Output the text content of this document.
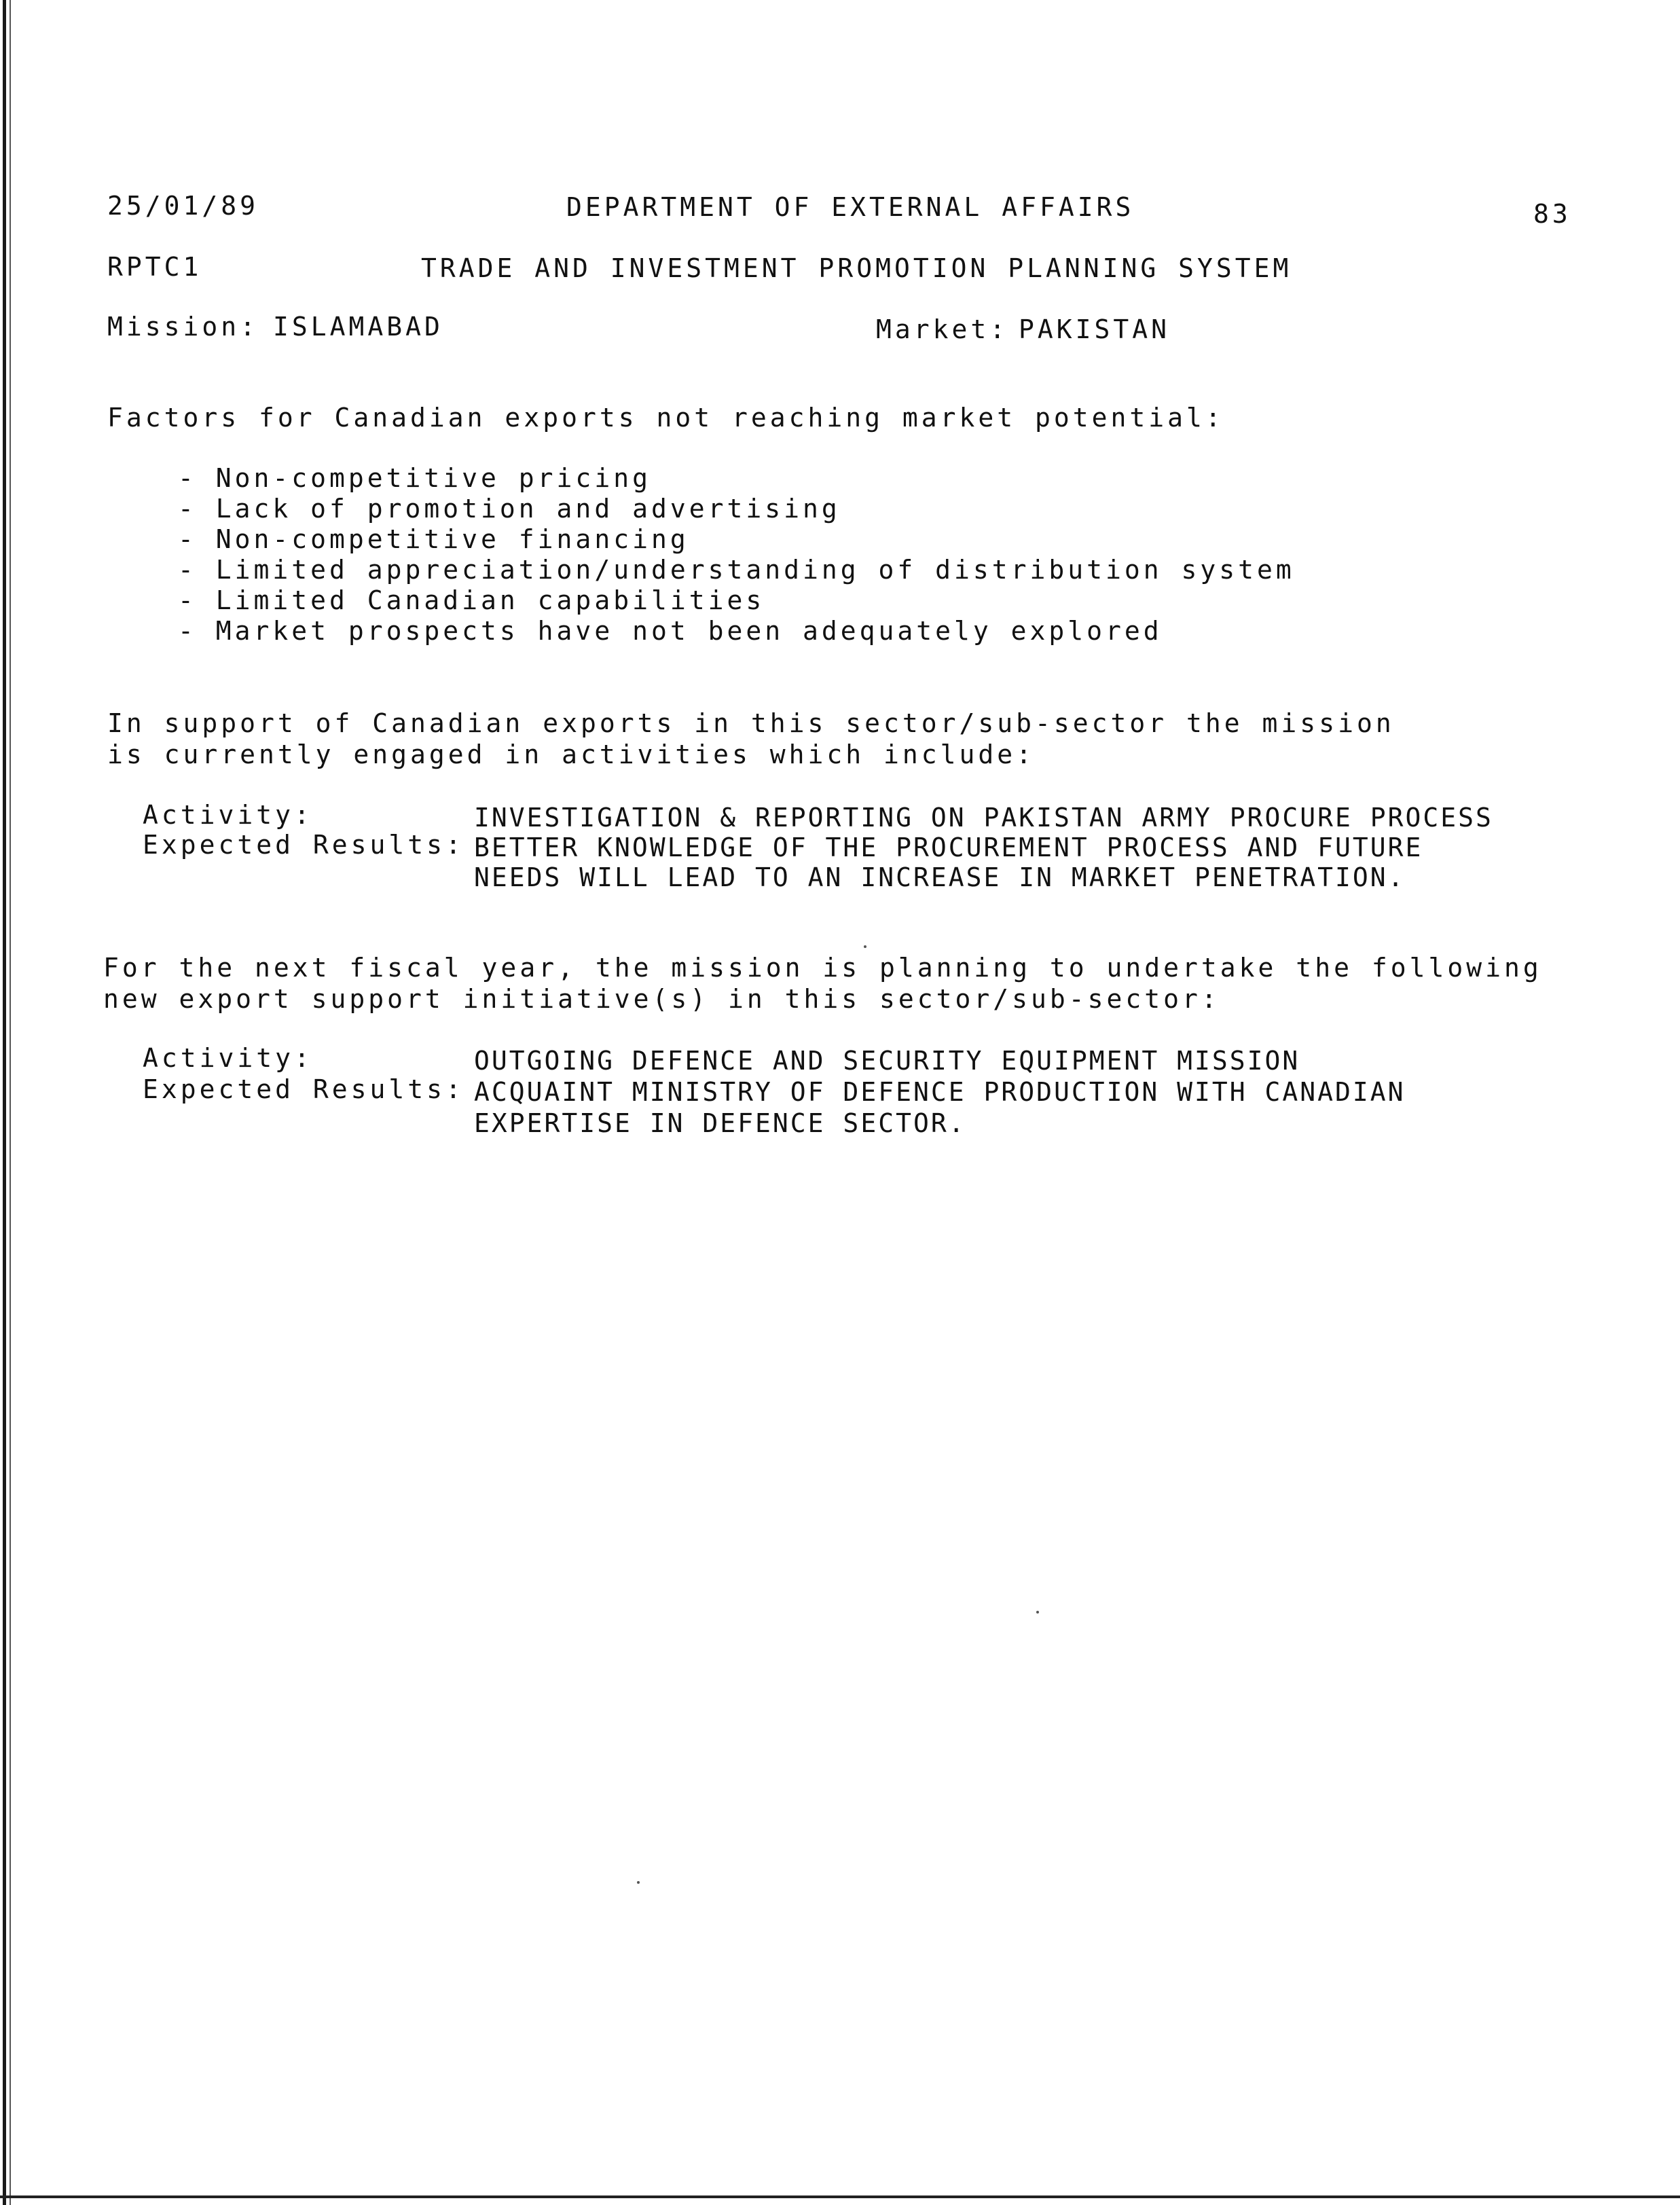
25/01/89	DEPARTMENT OF EXTERNAL AFFAIRS	83
RPTC1	TRADE AND INVESTMENT PROMOTION PLANNING SYSTEM
Mission: ISLAMABAD	Market: PAKISTAN
Factors for Canadian exports not reaching market potential:
- Non-competitive pricing
- Lack of promotion and advertising
- Non-competitive financing
- Limited appreciation/understanding of distribution system
- Limited Canadian capabilities
- Market prospects have not been adequately explored
In support of Canadian exports in this sector/sub-sector the mission
is currently engaged in activities which include:
Activity:	INVESTIGATION & REPORTING ON PAKISTAN ARMY PROCURE PROCESS
Expected Results: BETTER KNOWLEDGE OF THE PROCUREMENT PROCESS AND FUTURE
NEEDS WILL LEAD TO AN INCREASE IN MARKET PENETRATION.
For the next fiscal year, the mission is planning to undertake the following
new export support initiative(s) in this sector/sub-sector:
Activity:	OUTGOING DEFENCE AND SECURITY EQUIPMENT MISSION
Expected Results: ACQUAINT MINISTRY OF DEFENCE PRODUCTION WITH CANADIAN
EXPERTISE IN DEFENCE SECTOR.
